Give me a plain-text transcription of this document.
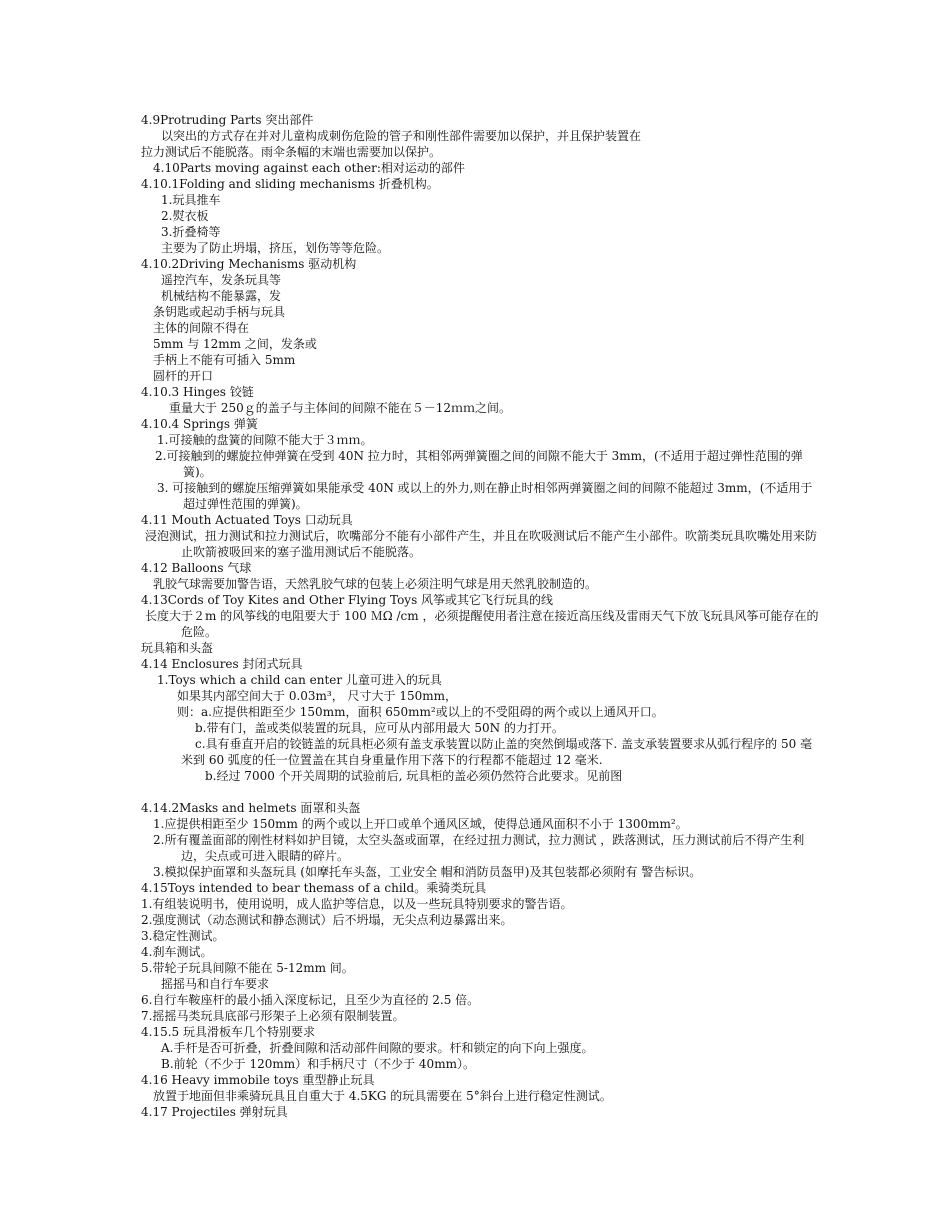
4.9Protruding Parts 突出部件
以突出的方式存在并对儿童构成刺伤危险的管子和刚性部件需要加以保护，并且保护装置在
拉力测试后不能脱落。雨伞条幅的末端也需要加以保护。
4.10Parts moving against each other:相对运动的部件
4.10.1Folding and sliding mechanisms 折叠机构。
1.玩具推车
2.熨衣板
3.折叠椅等
主要为了防止坍塌，挤压，划伤等等危险。
4.10.2Driving Mechanisms 驱动机构
遥控汽车，发条玩具等
机械结构不能暴露，发
条钥匙或起动手柄与玩具
主体的间隙不得在
5mm 与 12mm 之间，发条或
手柄上不能有可插入 5mm
圆杆的开口
4.10.3 Hinges 铰链
重量大于 250ｇ的盖子与主体间的间隙不能在５－12ｍｍ之间。
4.10.4 Springs 弹簧
1.可接触的盘簧的间隙不能大于３ｍｍ。
2.可接触到的螺旋拉伸弹簧在受到 40N 拉力时，其相邻两弹簧圈之间的间隙不能大于 3mm，(不适用于超过弹性范围的弹簧)。
3. 可接触到的螺旋压缩弹簧如果能承受 40N 或以上的外力,则在静止时相邻两弹簧圈之间的间隙不能超过 3mm，(不适用于超过弹性范围的弹簧)。
4.11 Mouth Actuated Toys 口动玩具
浸泡测试，扭力测试和拉力测试后，吹嘴部分不能有小部件产生，并且在吹吸测试后不能产生小部件。吹箭类玩具吹嘴处用来防止吹箭被吸回来的塞子滥用测试后不能脱落。
4.12 Balloons 气球
乳胶气球需要加警告语，天然乳胶气球的包装上必须注明气球是用天然乳胶制造的。
4.13Cords of Toy Kites and Other Flying Toys 风筝或其它飞行玩具的线
长度大于２m 的风筝线的电阻要大于 100 ＭΩ /cm ，必须提醒使用者注意在接近高压线及雷雨天气下放飞玩具风筝可能存在的危险。
玩具箱和头盔
4.14 Enclosures 封闭式玩具
1.Toys which a child can enter 儿童可进入的玩具
如果其内部空间大于 0.03m³， 尺寸大于 150mm，
则：a.应提供相距至少 150mm，面积 650mm²或以上的不受阻碍的两个或以上通风开口。
b.带有门，盖或类似装置的玩具，应可从内部用最大 50N 的力打开。
c.具有垂直开启的铰链盖的玩具柜必须有盖支承装置以防止盖的突然倒塌或落下. 盖支承装置要求从弧行程序的 50 毫米到 60 弧度的任一位置盖在其自身重量作用下落下的行程都不能超过 12 毫米.
b.经过 7000 个开关周期的试验前后, 玩具柜的盖必须仍然符合此要求。见前图
4.14.2Masks and helmets 面罩和头盔
1.应提供相距至少 150mm 的两个或以上开口或单个通风区域，使得总通风面积不小于 1300mm²。
2.所有覆盖面部的刚性材料如护目镜，太空头盔或面罩，在经过扭力测试，拉力测试 ，跌落测试，压力测试前后不得产生利边，尖点或可进入眼睛的碎片。
3.模拟保护面罩和头盔玩具 (如摩托车头盔，工业安全 帽和消防员盔甲)及其包装都必须附有 警告标识。
4.15Toys intended to bear themass of a child。乘骑类玩具
1.有组装说明书，使用说明，成人监护等信息，以及一些玩具特别要求的警告语。
2.强度测试（动态测试和静态测试）后不坍塌，无尖点利边暴露出来。
3.稳定性测试。
4.刹车测试。
5.带轮子玩具间隙不能在 5-12mm 间。
摇摇马和自行车要求
6.自行车鞍座杆的最小插入深度标记，且至少为直径的 2.5 倍。
7.摇摇马类玩具底部弓形架子上必须有限制装置。
4.15.5 玩具滑板车几个特别要求
A.手杆是否可折叠，折叠间隙和活动部件间隙的要求。杆和锁定的向下向上强度。
B.前轮（不少于 120mm）和手柄尺寸（不少于 40mm）。
4.16 Heavy immobile toys 重型静止玩具
放置于地面但非乘骑玩具且自重大于 4.5KG 的玩具需要在 5°斜台上进行稳定性测试。
4.17 Projectiles 弹射玩具
